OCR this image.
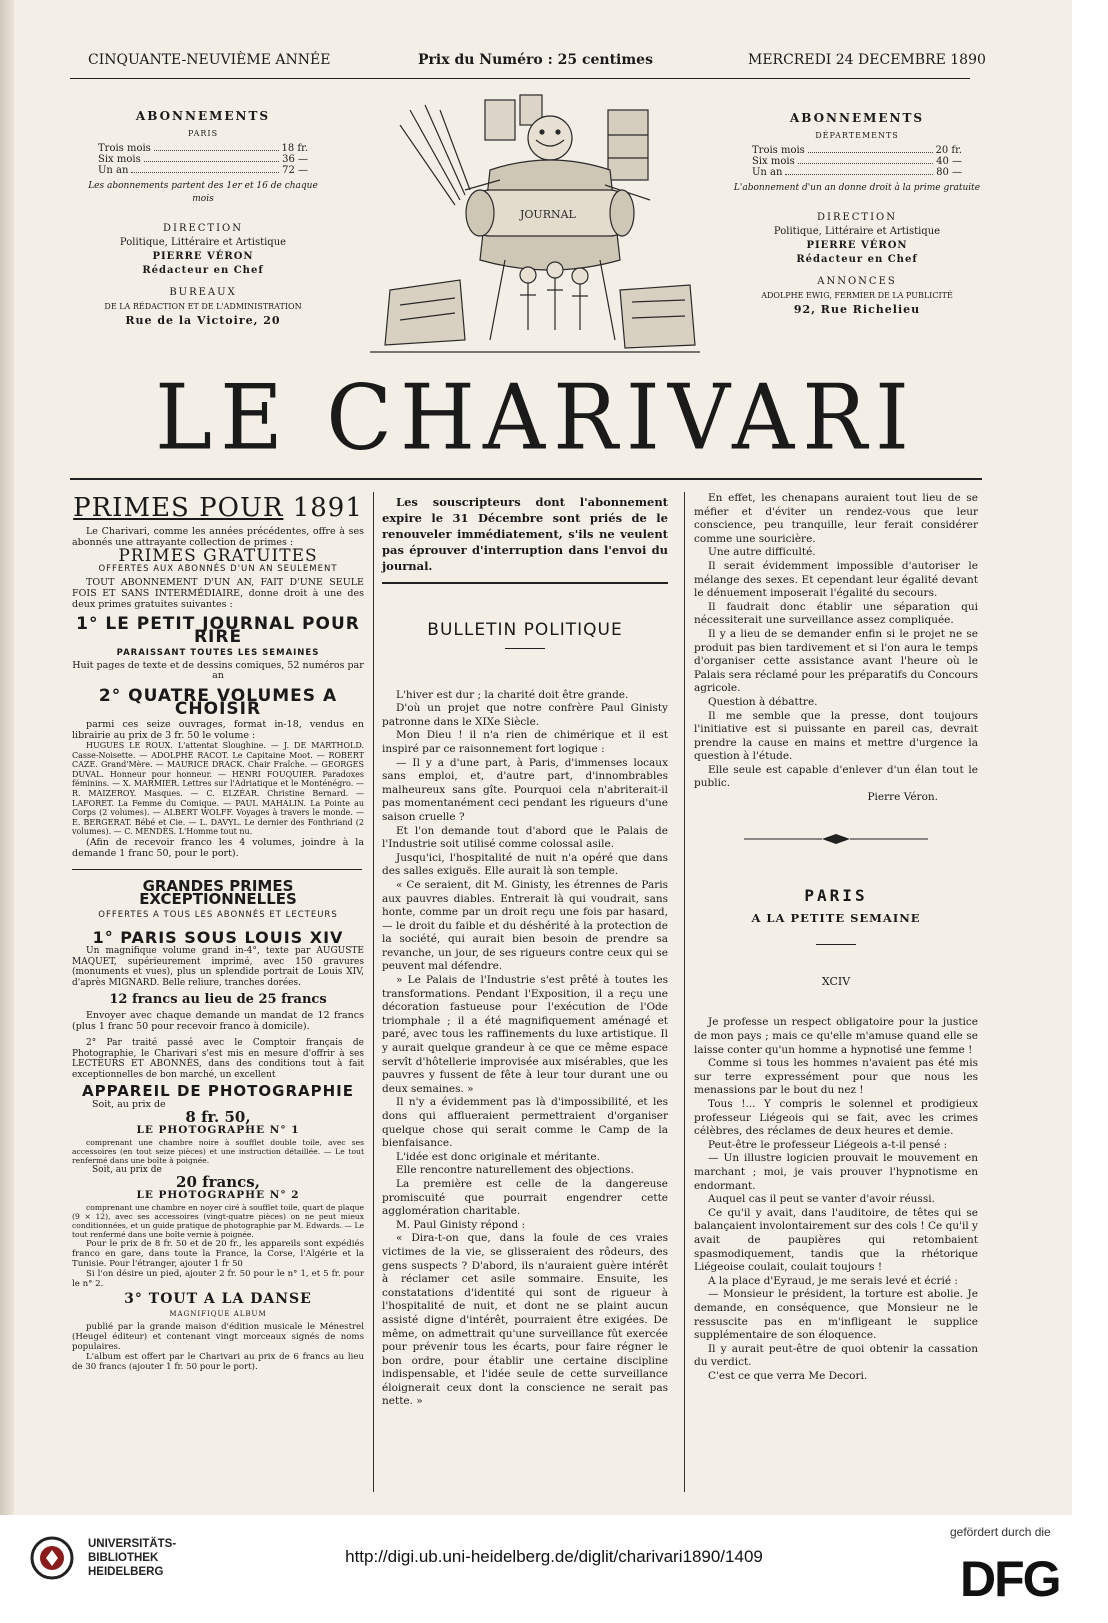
CINQUANTE-NEUVIÈME ANNÉE	Prix du Numéro : 25 centimes	MERCREDI 24 DECEMBRE 1890
ABONNEMENTS
PARIS
Trois mois	18 fr.
Six mois	36 —
Un an	72 —
Les abonnements partent des 1er et 16 de chaque mois
DIRECTION
Politique, Littéraire et Artistique
PIERRE VÉRON
Rédacteur en Chef
BUREAUX
DE LA RÉDACTION ET DE L'ADMINISTRATION
Rue de la Victoire, 20
ABONNEMENTS
DÉPARTEMENTS
Trois mois	20 fr.
Six mois	40 —
Un an	80 —
L'abonnement d'un an donne droit à la prime gratuite
DIRECTION
Politique, Littéraire et Artistique
PIERRE VÉRON
Rédacteur en Chef
ANNONCES
ADOLPHE EWIG, FERMIER DE LA PUBLICITÉ
92, Rue Richelieu
JOURNAL
LE CHARIVARI
PRIMES POUR 1891

Le Charivari, comme les années précédentes, offre à ses abonnés une attrayante collection de primes :

PRIMES GRATUITES
OFFERTES AUX ABONNÉS D'UN AN SEULEMENT

TOUT ABONNEMENT D'UN AN, FAIT D'UNE SEULE FOIS ET SANS INTERMÉDIAIRE, donne droit à une des deux primes gratuites suivantes :

1° LE PETIT JOURNAL POUR RIRE
PARAISSANT TOUTES LES SEMAINES
Huit pages de texte et de dessins comiques, 52 numéros par an
2° QUATRE VOLUMES A CHOISIR

parmi ces seize ouvrages, format in-18, vendus en librairie au prix de 3 fr. 50 le volume :

HUGUES LE ROUX. L'attentat Sloughine. — J. DE MARTHOLD. Casse-Noisette. — ADOLPHE RACOT. Le Capitaine Moot. — ROBERT CAZE. Grand'Mère. — MAURICE DRACK. Chair Fraîche. — GEORGES DUVAL. Honneur pour honneur. — HENRI FOUQUIER. Paradoxes féminins. — X. MARMIER. Lettres sur l'Adriatique et le Monténégro. — R. MAIZEROY. Masques. — C. ELZÉAR. Christine Bernard. — LAFORET. La Femme du Comique. — PAUL MAHALIN. La Pointe au Corps (2 volumes). — ALBERT WOLFF. Voyages à travers le monde. — E. BERGERAT. Bébé et Cie. — L. DAVYL. Le dernier des Fonthriand (2 volumes). — C. MENDÈS. L'Homme tout nu.

(Afin de recevoir franco les 4 volumes, joindre à la demande 1 franc 50, pour le port).

GRANDES PRIMES EXCEPTIONNELLES
OFFERTES A TOUS LES ABONNÉS ET LECTEURS
1° PARIS SOUS LOUIS XIV

Un magnifique volume grand in-4°, texte par AUGUSTE MAQUET, supérieurement imprimé, avec 150 gravures (monuments et vues), plus un splendide portrait de Louis XIV, d'après MIGNARD. Belle reliure, tranches dorées.

12 francs au lieu de 25 francs

Envoyer avec chaque demande un mandat de 12 francs (plus 1 franc 50 pour recevoir franco à domicile).

2° Par traité passé avec le Comptoir français de Photographie, le Charivari s'est mis en mesure d'offrir à ses LECTEURS ET ABONNÉS, dans des conditions tout à fait exceptionnelles de bon marché, un excellent

APPAREIL DE PHOTOGRAPHIE
Soit, au prix de
8 fr. 50,
LE PHOTOGRAPHE N° 1

comprenant une chambre noire à soufflet double toile, avec ses accessoires (en tout seize pièces) et une instruction détaillée. — Le tout renfermé dans une boîte à poignée.

Soit, au prix de
20 francs,
LE PHOTOGRAPHE N° 2

comprenant une chambre en noyer ciré à soufflet toile, quart de plaque (9 × 12), avec ses accessoires (vingt-quatre pièces) on ne peut mieux conditionnées, et un guide pratique de photographie par M. Edwards. — Le tout renfermé dans une boîte vernie à poignée.

Pour le prix de 8 fr. 50 et de 20 fr., les appareils sont expédiés franco en gare, dans toute la France, la Corse, l'Algérie et la Tunisie. Pour l'étranger, ajouter 1 fr 50

Si l'on désire un pied, ajouter 2 fr. 50 pour le n° 1, et 5 fr. pour le n° 2.

3° TOUT A LA DANSE
MAGNIFIQUE ALBUM

publié par la grande maison d'édition musicale le Ménestrel (Heugel éditeur) et contenant vingt morceaux signés de noms populaires.

L'album est offert par le Charivari au prix de 6 francs au lieu de 30 francs (ajouter 1 fr. 50 pour le port).

Les souscripteurs dont l'abonnement expire le 31 Décembre sont priés de le renouveler immédiatement, s'ils ne veulent pas éprouver d'interruption dans l'envoi du journal.

BULLETIN POLITIQUE

L'hiver est dur ; la charité doit être grande.

D'où un projet que notre confrère Paul Ginisty patronne dans le XIXe Siècle.

Mon Dieu ! il n'a rien de chimérique et il est inspiré par ce raisonnement fort logique :

— Il y a d'une part, à Paris, d'immenses locaux sans emploi, et, d'autre part, d'innombrables malheureux sans gîte. Pourquoi cela n'abriterait-il pas momentanément ceci pendant les rigueurs d'une saison cruelle ?

Et l'on demande tout d'abord que le Palais de l'Industrie soit utilisé comme colossal asile.

Jusqu'ici, l'hospitalité de nuit n'a opéré que dans des salles exiguës. Elle aurait là son temple.

« Ce seraient, dit M. Ginisty, les étrennes de Paris aux pauvres diables. Entrerait là qui voudrait, sans honte, comme par un droit reçu une fois par hasard, — le droit du faible et du déshérité à la protection de la société, qui aurait bien besoin de prendre sa revanche, un jour, de ses rigueurs contre ceux qui se peuvent mal défendre.

» Le Palais de l'Industrie s'est prêté à toutes les transformations. Pendant l'Exposition, il a reçu une décoration fastueuse pour l'exécution de l'Ode triomphale ; il a été magnifiquement aménagé et paré, avec tous les raffinements du luxe artistique. Il y aurait quelque grandeur à ce que ce même espace servît d'hôtellerie improvisée aux misérables, que les pauvres y fussent de fête à leur tour durant une ou deux semaines. »

Il n'y a évidemment pas là d'impossibilité, et les dons qui afflueraient permettraient d'organiser quelque chose qui serait comme le Camp de la bienfaisance.

L'idée est donc originale et méritante.

Elle rencontre naturellement des objections.

La première est celle de la dangereuse promiscuité que pourrait engendrer cette agglomération charitable.

M. Paul Ginisty répond :

« Dira-t-on que, dans la foule de ces vraies victimes de la vie, se glisseraient des rôdeurs, des gens suspects ? D'abord, ils n'auraient guère intérêt à réclamer cet asile sommaire. Ensuite, les constatations d'identité qui sont de rigueur à l'hospitalité de nuit, et dont ne se plaint aucun assisté digne d'intérêt, pourraient être exigées. De même, on admettrait qu'une surveillance fût exercée pour prévenir tous les écarts, pour faire régner le bon ordre, pour établir une certaine discipline indispensable, et l'idée seule de cette surveillance éloignerait ceux dont la conscience ne serait pas nette. »

En effet, les chenapans auraient tout lieu de se méfier et d'éviter un rendez-vous que leur conscience, peu tranquille, leur ferait considérer comme une souricière.

Une autre difficulté.

Il serait évidemment impossible d'autoriser le mélange des sexes. Et cependant leur égalité devant le dénuement imposerait l'égalité du secours.

Il faudrait donc établir une séparation qui nécessiterait une surveillance assez compliquée.

Il y a lieu de se demander enfin si le projet ne se produit pas bien tardivement et si l'on aura le temps d'organiser cette assistance avant l'heure où le Palais sera réclamé pour les préparatifs du Concours agricole.

Question à débattre.

Il me semble que la presse, dont toujours l'initiative est si puissante en pareil cas, devrait prendre la cause en mains et mettre d'urgence la question à l'étude.

Elle seule est capable d'enlever d'un élan tout le public.

Pierre Véron.
PARIS
A LA PETITE SEMAINE
XCIV

Je professe un respect obligatoire pour la justice de mon pays ; mais ce qu'elle m'amuse quand elle se laisse conter qu'un homme a hypnotisé une femme !

Comme si tous les hommes n'avaient pas été mis sur terre expressément pour que nous les menassions par le bout du nez !

Tous !... Y compris le solennel et prodigieux professeur Liégeois qui se fait, avec les crimes célèbres, des réclames de deux heures et demie.

Peut-être le professeur Liégeois a-t-il pensé :

— Un illustre logicien prouvait le mouvement en marchant ; moi, je vais prouver l'hypnotisme en endormant.

Auquel cas il peut se vanter d'avoir réussi.

Ce qu'il y avait, dans l'auditoire, de têtes qui se balançaient involontairement sur des cols ! Ce qu'il y avait de paupières qui retombaient spasmodiquement, tandis que la rhétorique Liégeoise coulait, coulait toujours !

A la place d'Eyraud, je me serais levé et écrié :

— Monsieur le président, la torture est abolie. Je demande, en conséquence, que Monsieur ne le ressuscite pas en m'infligeant le supplice supplémentaire de son éloquence.

Il y aurait peut-être de quoi obtenir la cassation du verdict.

C'est ce que verra Me Decori.

UNIVERSITÄTS-
BIBLIOTHEK
HEIDELBERG
http://digi.ub.uni-heidelberg.de/diglit/charivari1890/1409
gefördert durch die
DFG
